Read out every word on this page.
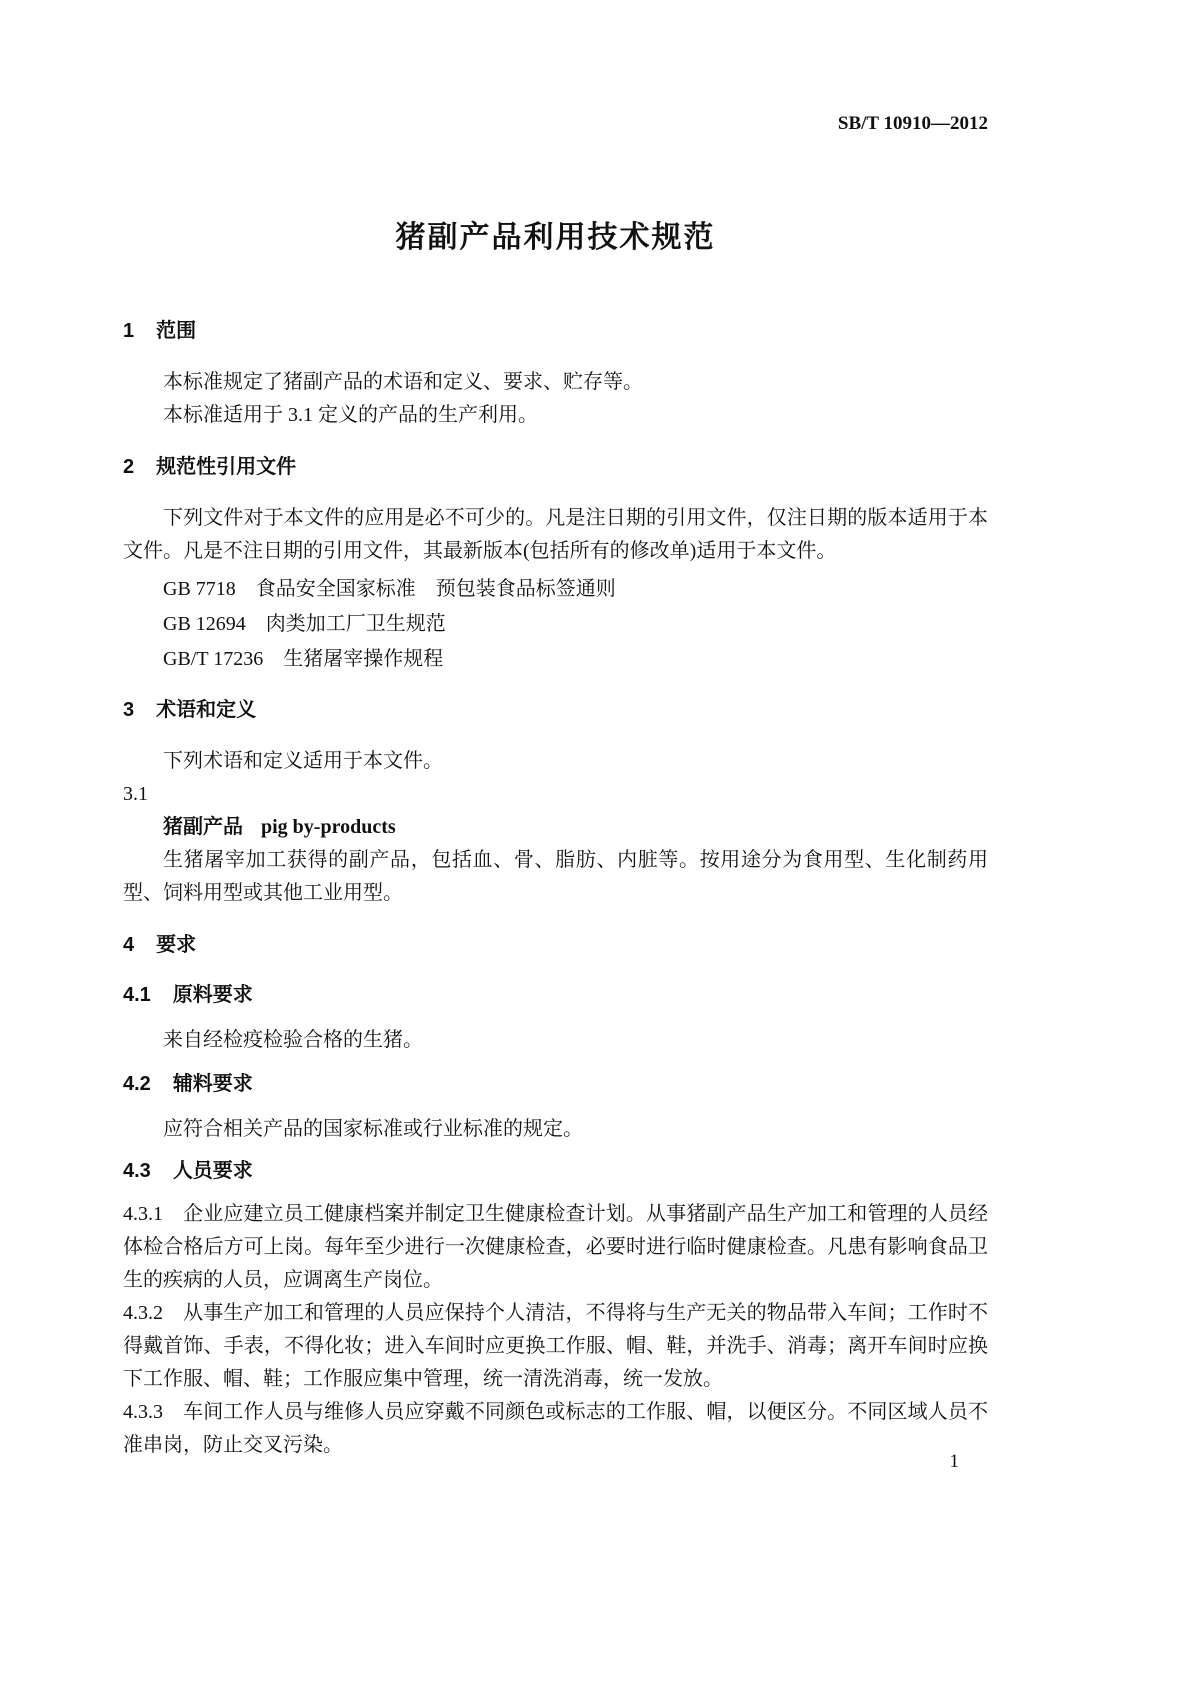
SB/T 10910—2012
猪副产品利用技术规范
1 范围

本标准规定了猪副产品的术语和定义、要求、贮存等。

本标准适用于 3.1 定义的产品的生产利用。

2 规范性引用文件

下列文件对于本文件的应用是必不可少的。凡是注日期的引用文件，仅注日期的版本适用于本文件。凡是不注日期的引用文件，其最新版本(包括所有的修改单)适用于本文件。

GB 7718　食品安全国家标准　预包装食品标签通则
GB 12694　肉类加工厂卫生规范
GB/T 17236　生猪屠宰操作规程
3 术语和定义

下列术语和定义适用于本文件。

3.1
猪副产品 pig by-products

生猪屠宰加工获得的副产品，包括血、骨、脂肪、内脏等。按用途分为食用型、生化制药用型、饲料用型或其他工业用型。

4 要求
4.1 原料要求

来自经检疫检验合格的生猪。

4.2 辅料要求

应符合相关产品的国家标准或行业标准的规定。

4.3 人员要求

4.3.1 企业应建立员工健康档案并制定卫生健康检查计划。从事猪副产品生产加工和管理的人员经体检合格后方可上岗。每年至少进行一次健康检查，必要时进行临时健康检查。凡患有影响食品卫生的疾病的人员，应调离生产岗位。

4.3.2 从事生产加工和管理的人员应保持个人清洁，不得将与生产无关的物品带入车间；工作时不得戴首饰、手表，不得化妆；进入车间时应更换工作服、帽、鞋，并洗手、消毒；离开车间时应换下工作服、帽、鞋；工作服应集中管理，统一清洗消毒，统一发放。

4.3.3 车间工作人员与维修人员应穿戴不同颜色或标志的工作服、帽，以便区分。不同区域人员不准串岗，防止交叉污染。

1
